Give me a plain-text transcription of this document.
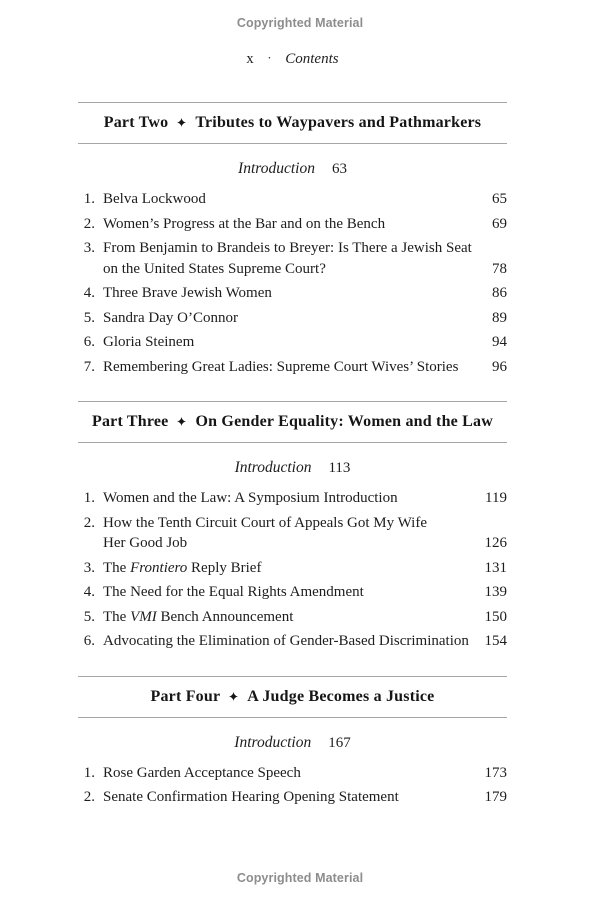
Copyrighted Material
x · Contents
Part Two Tributes to Waypavers and Pathmarkers
Introduction 63
1. Belva Lockwood	65
2. Women’s Progress at the Bar and on the Bench	69
3. From Benjamin to Brandeis to Breyer: Is There a Jewish Seat
on the United States Supreme Court?	78
4. Three Brave Jewish Women	86
5. Sandra Day O’Connor	89
6. Gloria Steinem	94
7. Remembering Great Ladies: Supreme Court Wives’ Stories	96
Part Three On Gender Equality: Women and the Law
Introduction 113
1. Women and the Law: A Symposium Introduction	119
2. How the Tenth Circuit Court of Appeals Got My Wife
Her Good Job	126
3. The Frontiero Reply Brief	131
4. The Need for the Equal Rights Amendment	139
5. The VMI Bench Announcement	150
6. Advocating the Elimination of Gender-Based Discrimination	154
Part Four A Judge Becomes a Justice
Introduction 167
1. Rose Garden Acceptance Speech	173
2. Senate Confirmation Hearing Opening Statement	179
Copyrighted Material
